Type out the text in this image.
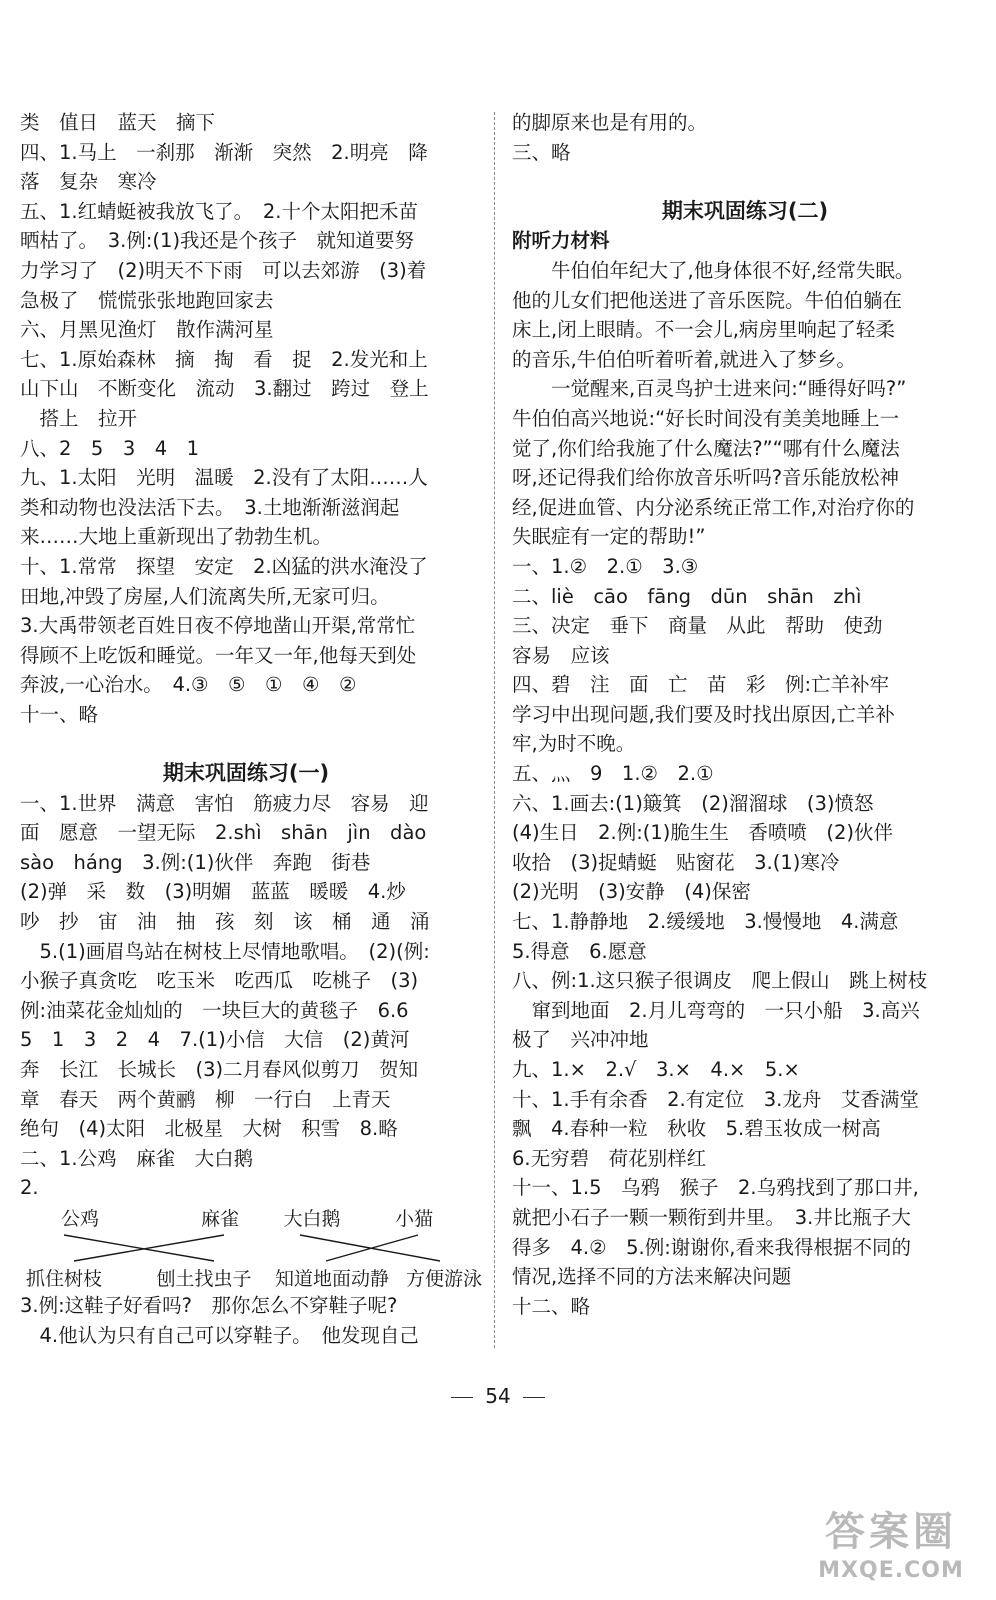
类　值日　蓝天　摘下
四、1.马上　一刹那　渐渐　突然　2.明亮　降
落　复杂　寒冷
五、1.红蜻蜓被我放飞了。　2.十个太阳把禾苗
晒枯了。　3.例:(1)我还是个孩子　就知道要努
力学习了　(2)明天不下雨　可以去郊游　(3)着
急极了　慌慌张张地跑回家去
六、月黑见渔灯　散作满河星
七、1.原始森林　摘　掏　看　捉　2.发光和上
山下山　不断变化　流动　3.翻过　跨过　登上
　搭上　拉开
八、2　5　3　4　1
九、1.太阳　光明　温暖　2.没有了太阳……人
类和动物也没法活下去。　3.土地渐渐滋润起
来……大地上重新现出了勃勃生机。
十、1.常常　探望　安定　2.凶猛的洪水淹没了
田地,冲毁了房屋,人们流离失所,无家可归。
3.大禹带领老百姓日夜不停地凿山开渠,常常忙
得顾不上吃饭和睡觉。一年又一年,他每天到处
奔波,一心治水。　4.③　⑤　①　④　②
十一、略
期末巩固练习(一)
一、1.世界　满意　害怕　筋疲力尽　容易　迎
面　愿意　一望无际　2.shì　shān　jìn　dào
sào　háng　3.例:(1)伙伴　奔跑　街巷
(2)弹　采　数　(3)明媚　蓝蓝　暖暖　4.炒
吵　抄　宙　油　抽　孩　刻　该　桶　通　涌
　5.(1)画眉鸟站在树枝上尽情地歌唱。　(2)(例:
小猴子真贪吃　吃玉米　吃西瓜　吃桃子　(3)
例:油菜花金灿灿的　一块巨大的黄毯子　6.6
5　1　3　2　4　7.(1)小信　大信　(2)黄河
奔　长江　长城长　(3)二月春风似剪刀　贺知
章　春天　两个黄鹂　柳　一行白　上青天
绝句　(4)太阳　北极星　大树　积雪　8.略
二、1.公鸡　麻雀　大白鹅
2.
公鸡	麻雀 大白鹅	小猫
抓住树枝	刨土找虫子 知道地面动静 方便游泳
3.例:这鞋子好看吗?　那你怎么不穿鞋子呢?
　4.他认为只有自己可以穿鞋子。　他发现自己
的脚原来也是有用的。
三、略
期末巩固练习(二)
附听力材料
　　牛伯伯年纪大了,他身体很不好,经常失眠。
他的儿女们把他送进了音乐医院。牛伯伯躺在
床上,闭上眼睛。不一会儿,病房里响起了轻柔
的音乐,牛伯伯听着听着,就进入了梦乡。
　　一觉醒来,百灵鸟护士进来问:“睡得好吗?”
牛伯伯高兴地说:“好长时间没有美美地睡上一
觉了,你们给我施了什么魔法?”“哪有什么魔法
呀,还记得我们给你放音乐听吗?音乐能放松神
经,促进血管、内分泌系统正常工作,对治疗你的
失眠症有一定的帮助!”
一、1.②　2.①　3.③
二、liè　cāo　fāng　dūn　shān　zhì
三、决定　垂下　商量　从此　帮助　使劲
容易　应该
四、碧　注　面　亡　苗　彩　例:亡羊补牢
学习中出现问题,我们要及时找出原因,亡羊补
牢,为时不晚。
五、灬　9　1.②　2.①
六、1.画去:(1)簸箕　(2)溜溜球　(3)愤怒
(4)生日　2.例:(1)脆生生　香喷喷　(2)伙伴
收拾　(3)捉蜻蜓　贴窗花　3.(1)寒冷
(2)光明　(3)安静　(4)保密
七、1.静静地　2.缓缓地　3.慢慢地　4.满意
5.得意　6.愿意
八、例:1.这只猴子很调皮　爬上假山　跳上树枝
　窜到地面　2.月儿弯弯的　一只小船　3.高兴
极了　兴冲冲地
九、1.×　2.√　3.×　4.×　5.×
十、1.手有余香　2.有定位　3.龙舟　艾香满堂
飘　4.春种一粒　秋收　5.碧玉妆成一树高
6.无穷碧　荷花别样红
十一、1.5　乌鸦　猴子　2.乌鸦找到了那口井,
就把小石子一颗一颗衔到井里。　3.井比瓶子大
得多　4.②　5.例:谢谢你,看来我得根据不同的
情况,选择不同的方法来解决问题
十二、略
54
答案圈
MXQE.COM
